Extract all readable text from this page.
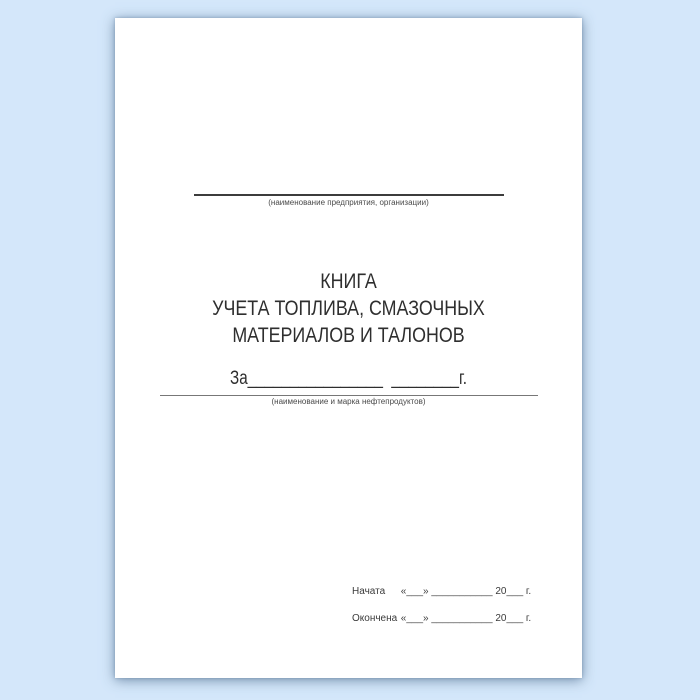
(наименование предприятия, организации)
КНИГА
УЧЕТА ТОПЛИВА, СМАЗОЧНЫХ
МАТЕРИАЛОВ И ТАЛОНОВ
За________________  ________г.
(наименование и марка нефтепродуктов)
Начата «___» ___________ 20___ г.
Окончена «___» ___________ 20___ г.
